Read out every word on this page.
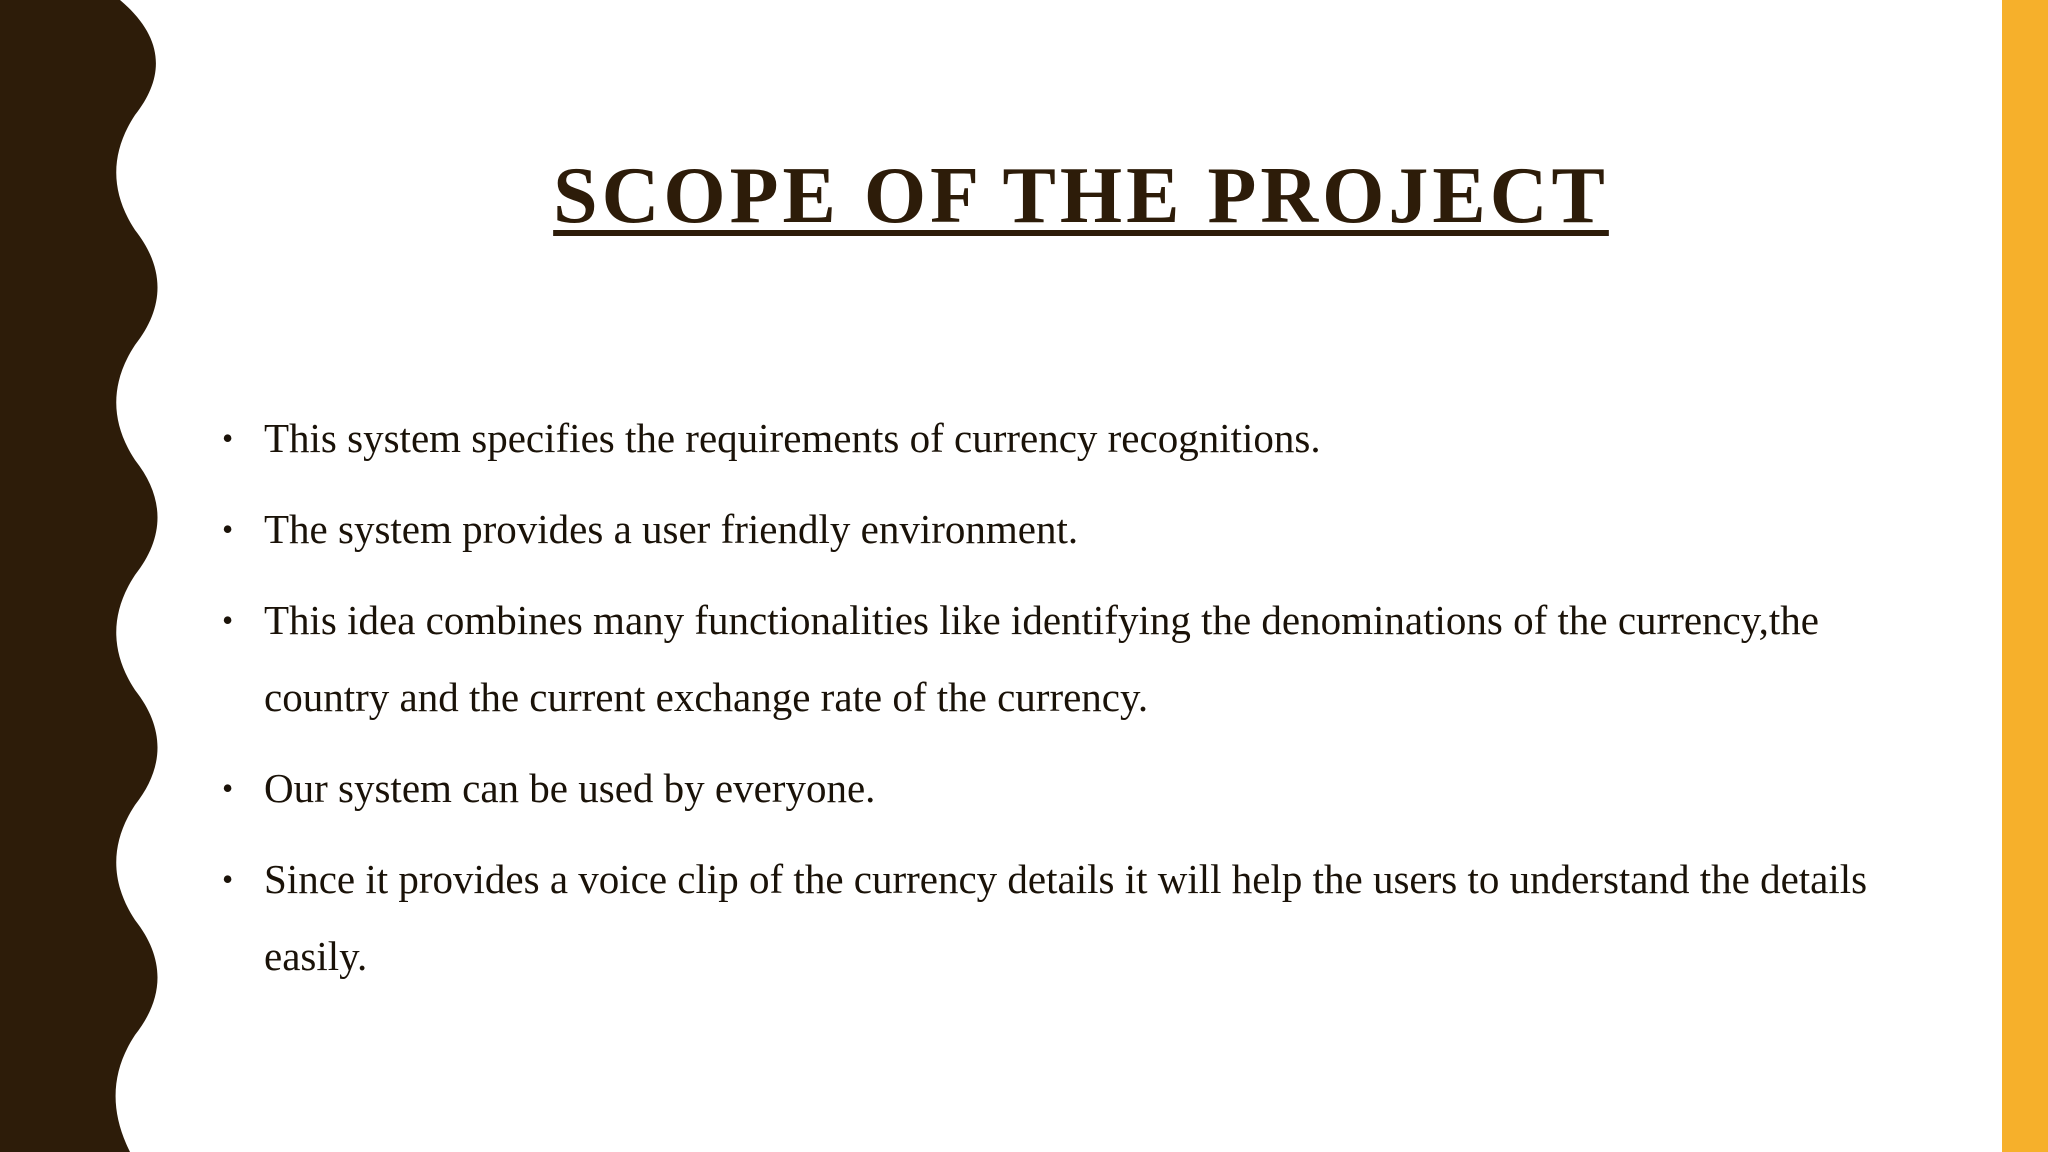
SCOPE OF THE PROJECT
• This system specifies the requirements of currency recognitions.
• The system provides a user friendly environment.
• This idea combines many functionalities like identifying the denominations of the currency,the country and the current exchange rate of the currency.
• Our system can be used by everyone.
• Since it provides a voice clip of the currency details it will help the users to understand the details easily.
